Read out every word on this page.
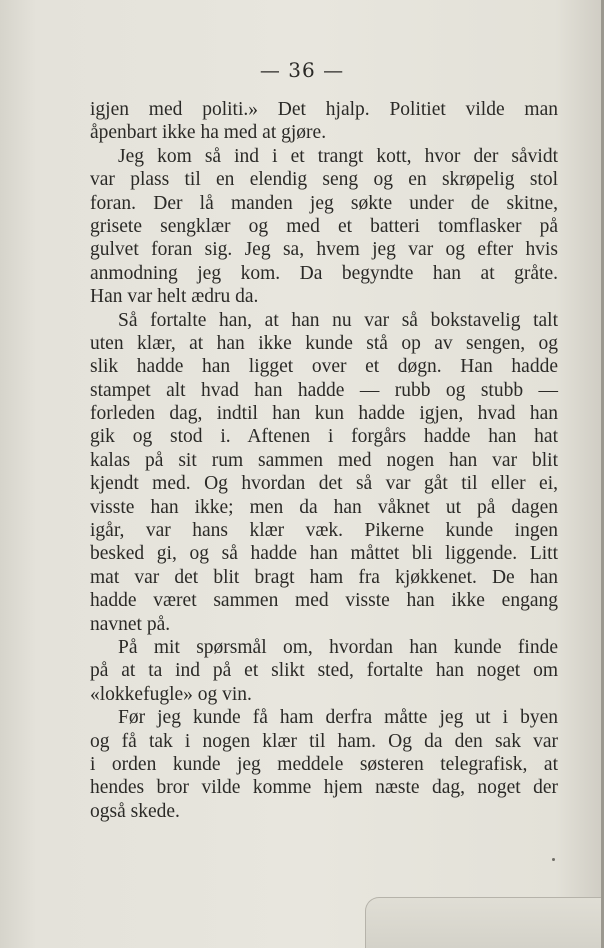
— 36 —

igjen med politi.» Det hjalp. Politiet vilde man
åpenbart ikke ha med at gjøre.

Jeg kom så ind i et trangt kott, hvor der såvidt
var plass til en elendig seng og en skrøpelig stol
foran. Der lå manden jeg søkte under de skitne,
grisete sengklær og med et batteri tomflasker på
gulvet foran sig. Jeg sa, hvem jeg var og efter hvis
anmodning jeg kom. Da begyndte han at gråte.
Han var helt ædru da.

Så fortalte han, at han nu var så bokstavelig talt
uten klær, at han ikke kunde stå op av sengen, og
slik hadde han ligget over et døgn. Han hadde
stampet alt hvad han hadde — rubb og stubb —
forleden dag, indtil han kun hadde igjen, hvad han
gik og stod i. Aftenen i forgårs hadde han hat
kalas på sit rum sammen med nogen han var blit
kjendt med. Og hvordan det så var gåt til eller ei,
visste han ikke; men da han våknet ut på dagen
igår, var hans klær væk. Pikerne kunde ingen
besked gi, og så hadde han måttet bli liggende. Litt
mat var det blit bragt ham fra kjøkkenet. De han
hadde været sammen med visste han ikke engang
navnet på.

På mit spørsmål om, hvordan han kunde finde
på at ta ind på et slikt sted, fortalte han noget om
«lokkefugle» og vin.

Før jeg kunde få ham derfra måtte jeg ut i byen
og få tak i nogen klær til ham. Og da den sak var
i orden kunde jeg meddele søsteren telegrafisk, at
hendes bror vilde komme hjem næste dag, noget der
også skede.
